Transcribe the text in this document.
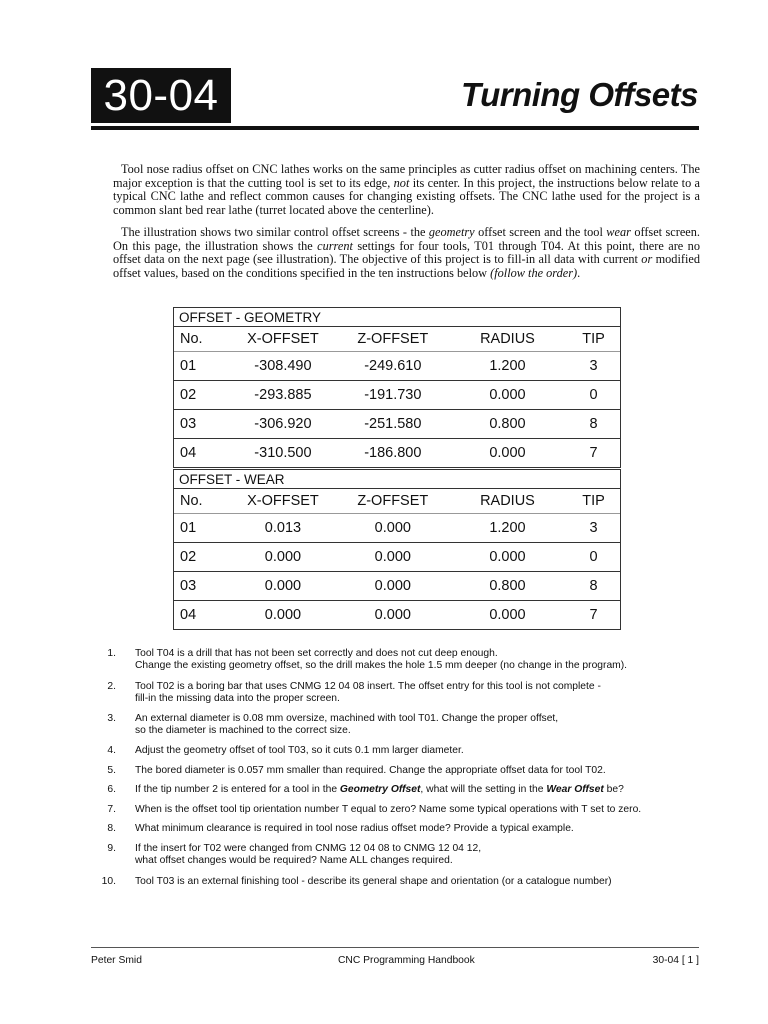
30-04	Turning Offsets
Tool nose radius offset on CNC lathes works on the same principles as cutter radius offset on machining centers. The major exception is that the cutting tool is set to its edge, not its center. In this project, the instructions below relate to a typical CNC lathe and reflect common causes for changing existing offsets. The CNC lathe used for the project is a common slant bed rear lathe (turret located above the centerline).
The illustration shows two similar control offset screens - the geometry offset screen and the tool wear offset screen. On this page, the illustration shows the current settings for four tools, T01 through T04. At this point, there are no offset data on the next page (see illustration). The objective of this project is to fill-in all data with current or modified offset values, based on the conditions specified in the ten instructions below (follow the order).
OFFSET - GEOMETRY				
No.	X-OFFSET	Z-OFFSET	RADIUS	TIP
01	-308.490	-249.610	1.200	3
02	-293.885	-191.730	0.000	0
03	-306.920	-251.580	0.800	8
04	-310.500	-186.800	0.000	7
OFFSET - WEAR				
No.	X-OFFSET	Z-OFFSET	RADIUS	TIP
01	0.013	0.000	1.200	3
02	0.000	0.000	0.000	0
03	0.000	0.000	0.800	8
04	0.000	0.000	0.000	7
1. Tool T04 is a drill that has not been set correctly and does not cut deep enough.
Change the existing geometry offset, so the drill makes the hole 1.5 mm deeper (no change in the program).
2. Tool T02 is a boring bar that uses CNMG 12 04 08 insert. The offset entry for this tool is not complete -
fill-in the missing data into the proper screen.
3. An external diameter is 0.08 mm oversize, machined with tool T01. Change the proper offset,
so the diameter is machined to the correct size.
4. Adjust the geometry offset of tool T03, so it cuts 0.1 mm larger diameter.
5. The bored diameter is 0.057 mm smaller than required. Change the appropriate offset data for tool T02.
6. If the tip number 2 is entered for a tool in the Geometry Offset, what will the setting in the Wear Offset be?
7. When is the offset tool tip orientation number T equal to zero? Name some typical operations with T set to zero.
8. What minimum clearance is required in tool nose radius offset mode? Provide a typical example.
9. If the insert for T02 were changed from CNMG 12 04 08 to CNMG 12 04 12,
what offset changes would be required? Name ALL changes required.
10. Tool T03 is an external finishing tool - describe its general shape and orientation (or a catalogue number)
Peter Smid	CNC Programming Handbook	30-04 [ 1 ]
